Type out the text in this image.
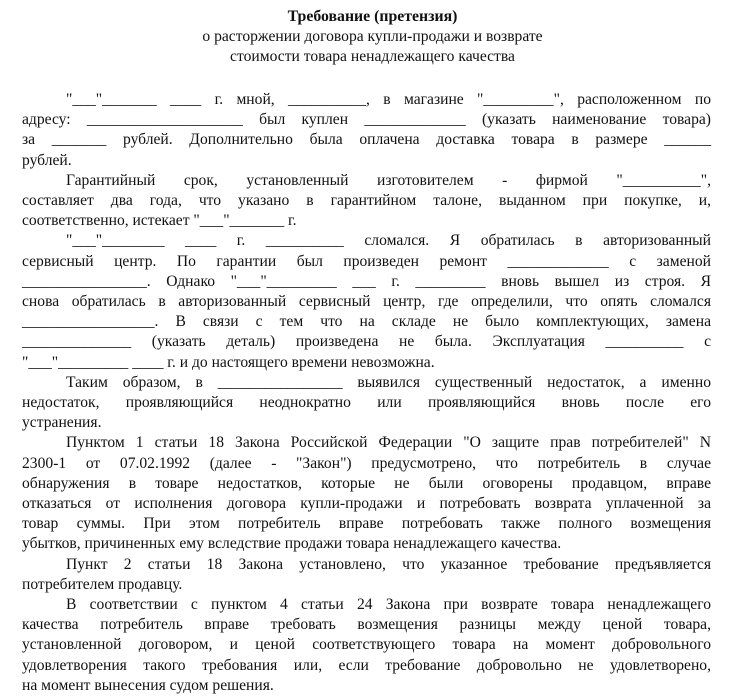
Требование (претензия)

о расторжении договора купли-продажи и возврате

стоимости товара ненадлежащего качества

"___"_______ ____ г. мной, __________, в магазине "_________", расположенном по
адресу: ____________________ был куплен _____________ (указать наименование товара)
за _______ рублей. Дополнительно была оплачена доставка товара в размере ______
рублей.

Гарантийный срок, установленный изготовителем - фирмой "__________",
составляет два года, что указано в гарантийном талоне, выданном при покупке, и,
соответственно, истекает "___"_______ г.

"___"________ ____ г. __________ сломался. Я обратилась в авторизованный
сервисный центр. По гарантии был произведен ремонт _____________ с заменой
________________. Однако "___"_________ ___ г. _________ вновь вышел из строя. Я
снова обратилась в авторизованный сервисный центр, где определили, что опять сломался
_________________. В связи с тем что на складе не было комплектующих, замена
______________ (указать деталь) произведена не была. Эксплуатация __________ с
"___"_________ ____ г. и до настоящего времени невозможна.

Таким образом, в ________________ выявился существенный недостаток, а именно
недостаток, проявляющийся неоднократно или проявляющийся вновь после его
устранения.

Пунктом 1 статьи 18 Закона Российской Федерации "О защите прав потребителей" N
2300-1 от 07.02.1992 (далее - "Закон") предусмотрено, что потребитель в случае
обнаружения в товаре недостатков, которые не были оговорены продавцом, вправе
отказаться от исполнения договора купли-продажи и потребовать возврата уплаченной за
товар суммы. При этом потребитель вправе потребовать также полного возмещения
убытков, причиненных ему вследствие продажи товара ненадлежащего качества.

Пункт 2 статьи 18 Закона установлено, что указанное требование предъявляется
потребителем продавцу.

В соответствии с пунктом 4 статьи 24 Закона при возврате товара ненадлежащего
качества потребитель вправе требовать возмещения разницы между ценой товара,
установленной договором, и ценой соответствующего товара на момент добровольного
удовлетворения такого требования или, если требование добровольно не удовлетворено,
на момент вынесения судом решения.
